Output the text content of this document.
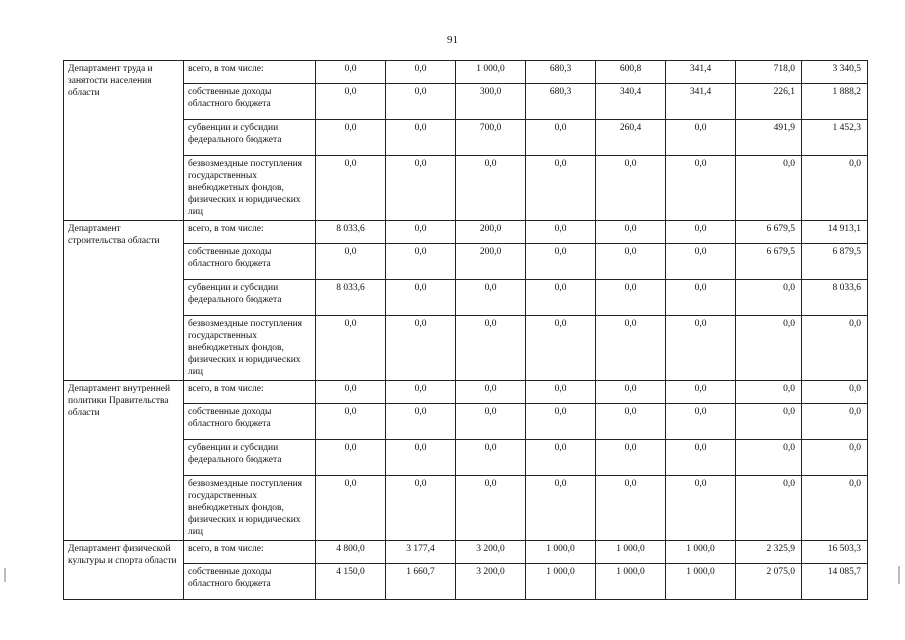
91
Департамент труда и занятости населения области	всего, в том числе:	0,0	0,0	1 000,0	680,3	600,8	341,4	718,0	3 340,5
	собственные доходы областного бюджета	0,0	0,0	300,0	680,3	340,4	341,4	226,1	1 888,2
	субвенции и субсидии федерального бюджета	0,0	0,0	700,0	0,0	260,4	0,0	491,9	1 452,3
	безвозмездные поступления государственных внебюджетных фондов, физических и юридических лиц	0,0	0,0	0,0	0,0	0,0	0,0	0,0	0,0
Департамент строительства области	всего, в том числе:	8 033,6	0,0	200,0	0,0	0,0	0,0	6 679,5	14 913,1
	собственные доходы областного бюджета	0,0	0,0	200,0	0,0	0,0	0,0	6 679,5	6 879,5
	субвенции и субсидии федерального бюджета	8 033,6	0,0	0,0	0,0	0,0	0,0	0,0	8 033,6
	безвозмездные поступления государственных внебюджетных фондов, физических и юридических лиц	0,0	0,0	0,0	0,0	0,0	0,0	0,0	0,0
Департамент внутренней политики Правительства области	всего, в том числе:	0,0	0,0	0,0	0,0	0,0	0,0	0,0	0,0
	собственные доходы областного бюджета	0,0	0,0	0,0	0,0	0,0	0,0	0,0	0,0
	субвенции и субсидии федерального бюджета	0,0	0,0	0,0	0,0	0,0	0,0	0,0	0,0
	безвозмездные поступления государственных внебюджетных фондов, физических и юридических лиц	0,0	0,0	0,0	0,0	0,0	0,0	0,0	0,0
Департамент физической культуры и спорта области	всего, в том числе:	4 800,0	3 177,4	3 200,0	1 000,0	1 000,0	1 000,0	2 325,9	16 503,3
	собственные доходы областного бюджета	4 150,0	1 660,7	3 200,0	1 000,0	1 000,0	1 000,0	2 075,0	14 085,7
